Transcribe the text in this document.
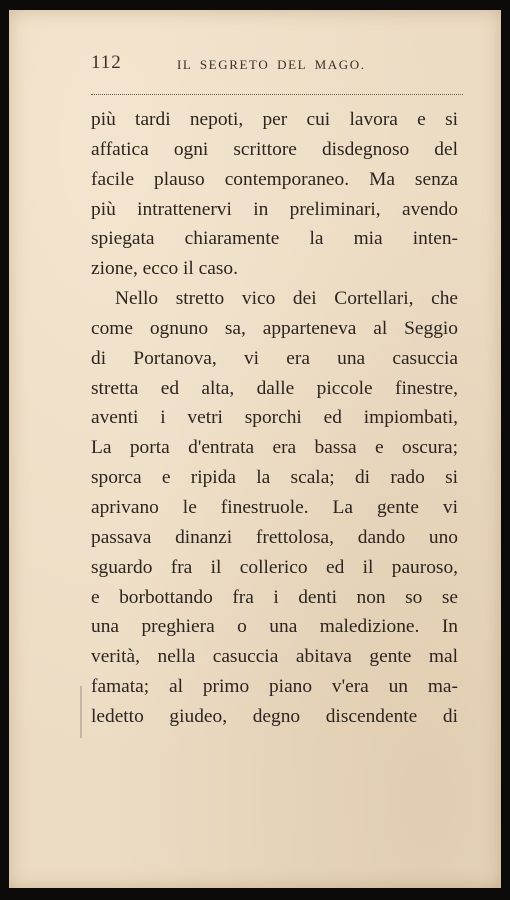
112	IL SEGRETO DEL MAGO.
più tardi nepoti, per cui lavora e si
affatica ogni scrittore disdegnoso del
facile plauso contemporaneo. Ma senza
più intrattenervi in preliminari, avendo
spiegata chiaramente la mia inten-
zione, ecco il caso.
Nello stretto vico dei Cortellari, che
come ognuno sa, apparteneva al Seggio
di Portanova, vi era una casuccia
stretta ed alta, dalle piccole finestre,
aventi i vetri sporchi ed impiombati,
La porta d'entrata era bassa e oscura;
sporca e ripida la scala; di rado si
aprivano le finestruole. La gente vi
passava dinanzi frettolosa, dando uno
sguardo fra il collerico ed il pauroso,
e borbottando fra i denti non so se
una preghiera o una maledizione. In
verità, nella casuccia abitava gente mal
famata; al primo piano v'era un ma-
ledetto giudeo, degno discendente di
